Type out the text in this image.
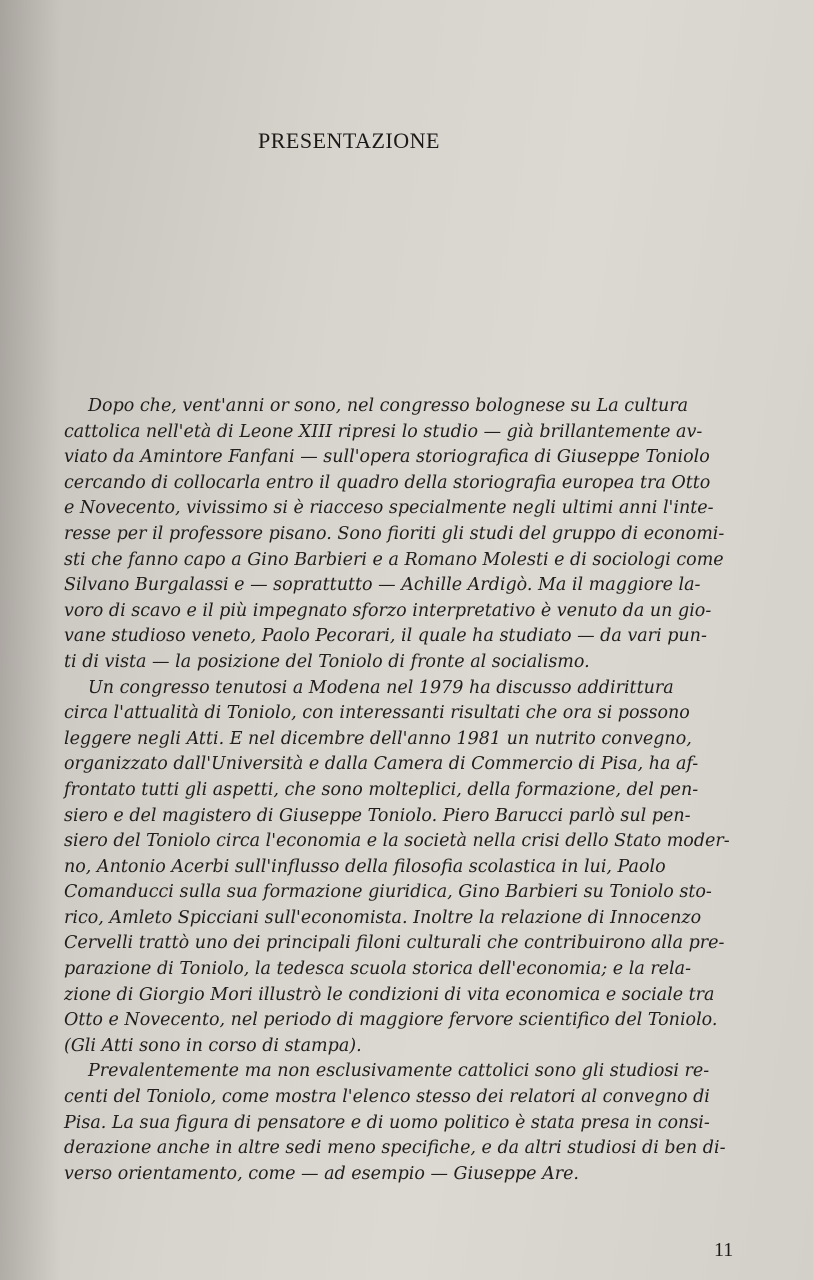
PRESENTAZIONE
Dopo che, vent'anni or sono, nel congresso bolognese su La cultura
cattolica nell'età di Leone XIII ripresi lo studio — già brillantemente av-
viato da Amintore Fanfani — sull'opera storiografica di Giuseppe Toniolo
cercando di collocarla entro il quadro della storiografia europea tra Otto
e Novecento, vivissimo si è riacceso specialmente negli ultimi anni l'inte-
resse per il professore pisano. Sono fioriti gli studi del gruppo di economi-
sti che fanno capo a Gino Barbieri e a Romano Molesti e di sociologi come
Silvano Burgalassi e — soprattutto — Achille Ardigò. Ma il maggiore la-
voro di scavo e il più impegnato sforzo interpretativo è venuto da un gio-
vane studioso veneto, Paolo Pecorari, il quale ha studiato — da vari pun-
ti di vista — la posizione del Toniolo di fronte al socialismo.
Un congresso tenutosi a Modena nel 1979 ha discusso addirittura
circa l'attualità di Toniolo, con interessanti risultati che ora si possono
leggere negli Atti. E nel dicembre dell'anno 1981 un nutrito convegno,
organizzato dall'Università e dalla Camera di Commercio di Pisa, ha af-
frontato tutti gli aspetti, che sono molteplici, della formazione, del pen-
siero e del magistero di Giuseppe Toniolo. Piero Barucci parlò sul pen-
siero del Toniolo circa l'economia e la società nella crisi dello Stato moder-
no, Antonio Acerbi sull'influsso della filosofia scolastica in lui, Paolo
Comanducci sulla sua formazione giuridica, Gino Barbieri su Toniolo sto-
rico, Amleto Spicciani sull'economista. Inoltre la relazione di Innocenzo
Cervelli trattò uno dei principali filoni culturali che contribuirono alla pre-
parazione di Toniolo, la tedesca scuola storica dell'economia; e la rela-
zione di Giorgio Mori illustrò le condizioni di vita economica e sociale tra
Otto e Novecento, nel periodo di maggiore fervore scientifico del Toniolo.
(Gli Atti sono in corso di stampa).
Prevalentemente ma non esclusivamente cattolici sono gli studiosi re-
centi del Toniolo, come mostra l'elenco stesso dei relatori al convegno di
Pisa. La sua figura di pensatore e di uomo politico è stata presa in consi-
derazione anche in altre sedi meno specifiche, e da altri studiosi di ben di-
verso orientamento, come — ad esempio — Giuseppe Are.
11
